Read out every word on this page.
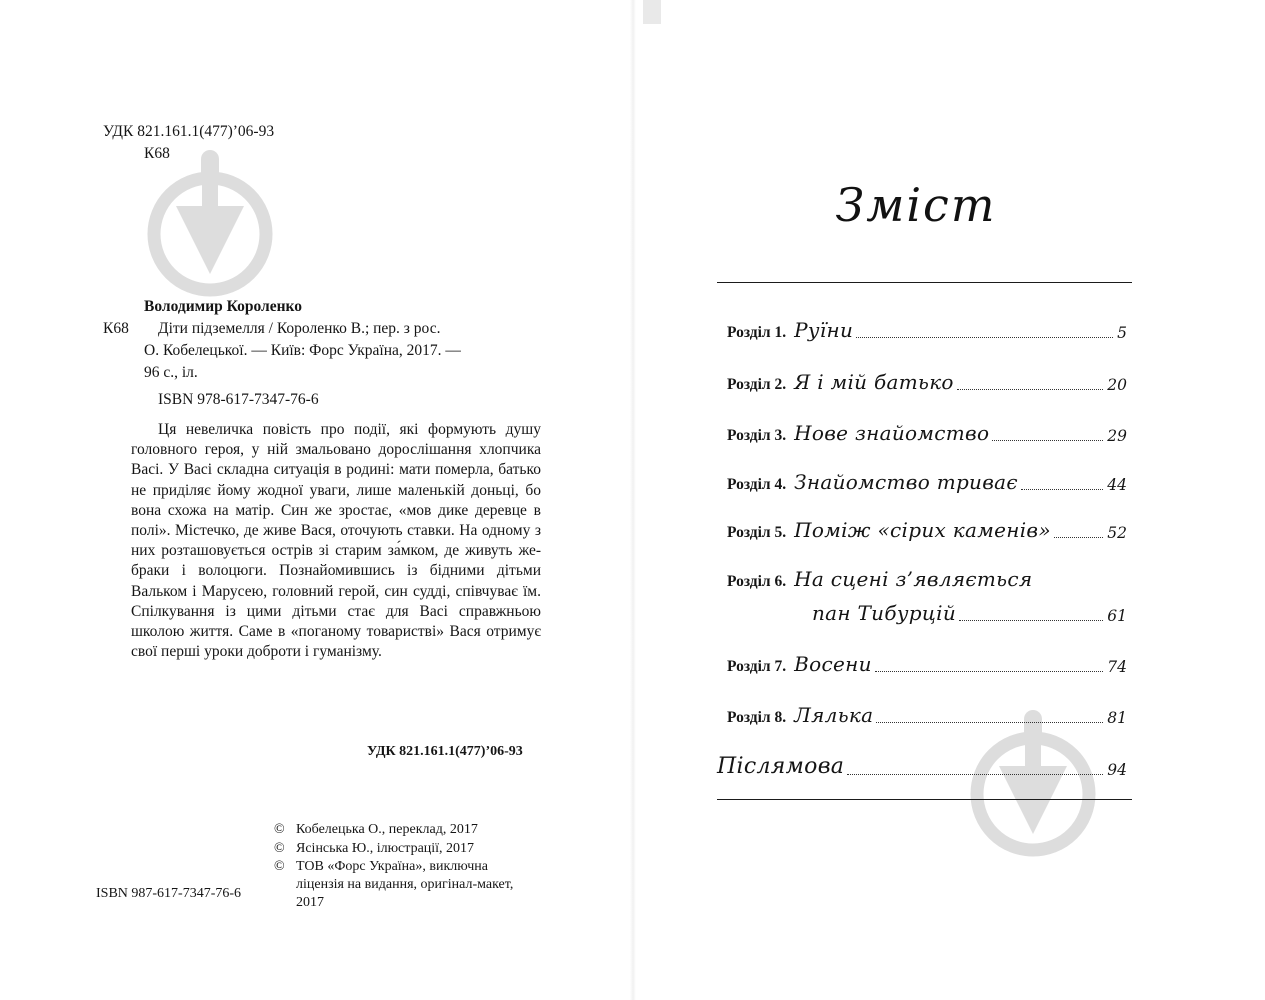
УДК 821.161.1(477)’06-93
К68
Володимир Короленко
К68 Діти підземелля / Короленко В.; пер. з рос.
О. Кобелецької. — Київ: Форс Україна, 2017. —
96 с., іл.
ISBN 978-617-7347-76-6

Ця невеличка повість про події, які формують душу головного героя, у ній змальовано дорослішання хлопчика Васі. У Васі складна ситуація в родині: мати померла, батько не приділяє йому жодної уваги, лише маленькій доньці, бо вона схожа на матір. Син же зростає, «мов дике деревце в полі». Містечко, де живе Вася, оточують ставки. На одному з них розташовується острів зі старим за́мком, де живуть жебраки і волоцюги. Познайомившись із бідними дітьми Вальком і Марусею, головний герой, син судді, співчуває їм. Спілкування із цими дітьми стає для Васі справжньою школою життя. Саме в «поганому товаристві» Вася отримує свої перші уроки доброти і гуманізму.

УДК 821.161.1(477)’06-93
© Кобелецька О., переклад, 2017
© Ясінська Ю., ілюстрації, 2017
© ТОВ «Форс Україна», виключна
ліцензія на видання, оригінал-макет,
2017
ISBN 987-617-7347-76-6
Зміст
Розділ 1. Руїни	5
Розділ 2. Я і мій батько	20
Розділ 3. Нове знайомство	29
Розділ 4. Знайомство триває	44
Розділ 5. Поміж «сірих каменів»	52
Розділ 6. На сцені з’являється
пан Тибурцій	61
Розділ 7. Восени	74
Розділ 8. Лялька	81
Післямова	94
